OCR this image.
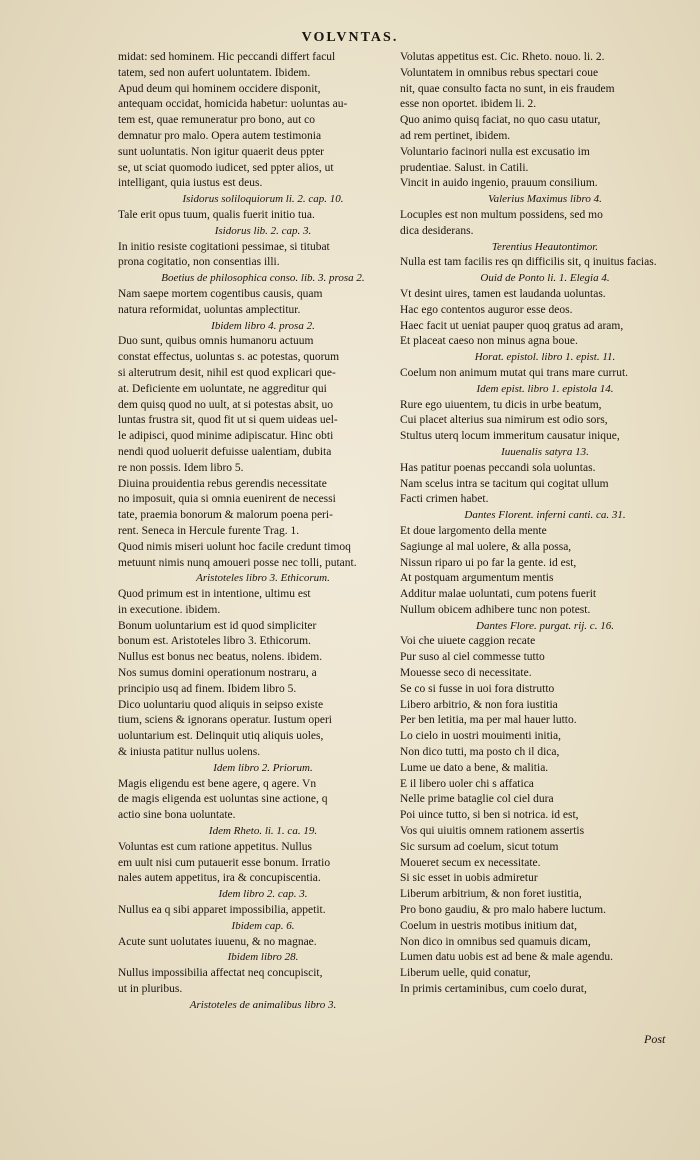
VOLVNTAS.
midat: sed hominem. Hic peccandi differt facul
tatem, sed non aufert uoluntatem. Ibidem.
Apud deum qui hominem occidere disponit,
antequam occidat, homicida habetur: uoluntas au-
tem est, quae remuneratur pro bono, aut co
demnatur pro malo. Opera autem testimonia
sunt uoluntatis. Non igitur quaerit deus ppter
se, ut sciat quomodo iudicet, sed ppter alios, ut
intelligant, quia iustus est deus.
Isidorus soliloquiorum li. 2. cap. 10.
Tale erit opus tuum, qualis fuerit initio tua.
Isidorus lib. 2. cap. 3.
In initio resiste cogitationi pessimae, si titubat
prona cogitatio, non consentias illi.
Boetius de philosophica conso. lib. 3. prosa 2.
Nam saepe mortem cogentibus causis, quam
natura reformidat, uoluntas amplectitur.
Ibidem libro 4. prosa 2.
Duo sunt, quibus omnis humanoru actuum
constat effectus, uoluntas s. ac potestas, quorum
si alterutrum desit, nihil est quod explicari que-
at. Deficiente em uoluntate, ne aggreditur qui
dem quisq quod no uult, at si potestas absit, uo
luntas frustra sit, quod fit ut si quem uideas uel-
le adipisci, quod minime adipiscatur. Hinc obti
nendi quod uoluerit defuisse ualentiam, dubita
re non possis. Idem libro 5.
Diuina prouidentia rebus gerendis necessitate
no imposuit, quia si omnia euenirent de necessi
tate, praemia bonorum & malorum poena peri-
rent. Seneca in Hercule furente Trag. 1.
Quod nimis miseri uolunt hoc facile credunt timoq
metuunt nimis nunq amoueri posse nec tolli, putant.
Aristoteles libro 3. Ethicorum.
Quod primum est in intentione, ultimu est
in executione. ibidem.
Bonum uoluntarium est id quod simpliciter
bonum est. Aristoteles libro 3. Ethicorum.
Nullus est bonus nec beatus, nolens. ibidem.
Nos sumus domini operationum nostraru, a
principio usq ad finem. Ibidem libro 5.
Dico uoluntariu quod aliquis in seipso existe
tium, sciens & ignorans operatur. Iustum operi
uoluntarium est. Delinquit utiq aliquis uoles,
& iniusta patitur nullus uolens.
Idem libro 2. Priorum.
Magis eligendu est bene agere, q agere. Vn
de magis eligenda est uoluntas sine actione, q
actio sine bona uoluntate.
Idem Rheto. li. 1. ca. 19.
Voluntas est cum ratione appetitus. Nullus
em uult nisi cum putauerit esse bonum. Irratio
nales autem appetitus, ira & concupiscentia.
Idem libro 2. cap. 3.
Nullus ea q sibi apparet impossibilia, appetit.
Ibidem cap. 6.
Acute sunt uolutates iuuenu, & no magnae.
Ibidem libro 28.
Nullus impossibilia affectat neq concupiscit,
ut in pluribus.
Aristoteles de animalibus libro 3.
Volutas appetitus est. Cic. Rheto. nouo. li. 2.
Voluntatem in omnibus rebus spectari coue
nit, quae consulto facta no sunt, in eis fraudem
esse non oportet. ibidem li. 2.
Quo animo quisq faciat, no quo casu utatur,
ad rem pertinet, ibidem.
Voluntario facinori nulla est excusatio im
prudentiae. Salust. in Catili.
Vincit in auido ingenio, prauum consilium.
Valerius Maximus libro 4.
Locuples est non multum possidens, sed mo
dica desiderans.
Terentius Heautontimor.
Nulla est tam facilis res qn difficilis sit, q inuitus facias.
Ouid de Ponto li. 1. Elegia 4.
Vt desint uires, tamen est laudanda uoluntas.
Hac ego contentos auguror esse deos.
Haec facit ut ueniat pauper quoq gratus ad aram,
Et placeat caeso non minus agna boue.
Horat. epistol. libro 1. epist. 11.
Coelum non animum mutat qui trans mare currut.
Idem epist. libro 1. epistola 14.
Rure ego uiuentem, tu dicis in urbe beatum,
Cui placet alterius sua nimirum est odio sors,
Stultus uterq locum immeritum causatur inique,
Iuuenalis satyra 13.
Has patitur poenas peccandi sola uoluntas.
Nam scelus intra se tacitum qui cogitat ullum
Facti crimen habet.
Dantes Florent. inferni canti. ca. 31.
Et doue largomento della mente
Sagiunge al mal uolere, & alla possa,
Nissun riparo ui po far la gente. id est,
At postquam argumentum mentis
Additur malae uoluntati, cum potens fuerit
Nullum obicem adhibere tunc non potest.
Dantes Flore. purgat. rij. c. 16.
Voi che uiuete caggion recate
Pur suso al ciel commesse tutto
Mouesse seco di necessitate.
Se co si fusse in uoi fora distrutto
Libero arbitrio, & non fora iustitia
Per ben letitia, ma per mal hauer lutto.
Lo cielo in uostri mouimenti initia,
Non dico tutti, ma posto ch il dica,
Lume ue dato a bene, & malitia.
E il libero uoler chi s affatica
Nelle prime bataglie col ciel dura
Poi uince tutto, si ben si notrica. id est,
Vos qui uiuitis omnem rationem assertis
Sic sursum ad coelum, sicut totum
Moueret secum ex necessitate.
Si sic esset in uobis admiretur
Liberum arbitrium, & non foret iustitia,
Pro bono gaudiu, & pro malo habere luctum.
Coelum in uestris motibus initium dat,
Non dico in omnibus sed quamuis dicam,
Lumen datu uobis est ad bene & male agendu.
Liberum uelle, quid conatur,
In primis certaminibus, cum coelo durat,
Post
